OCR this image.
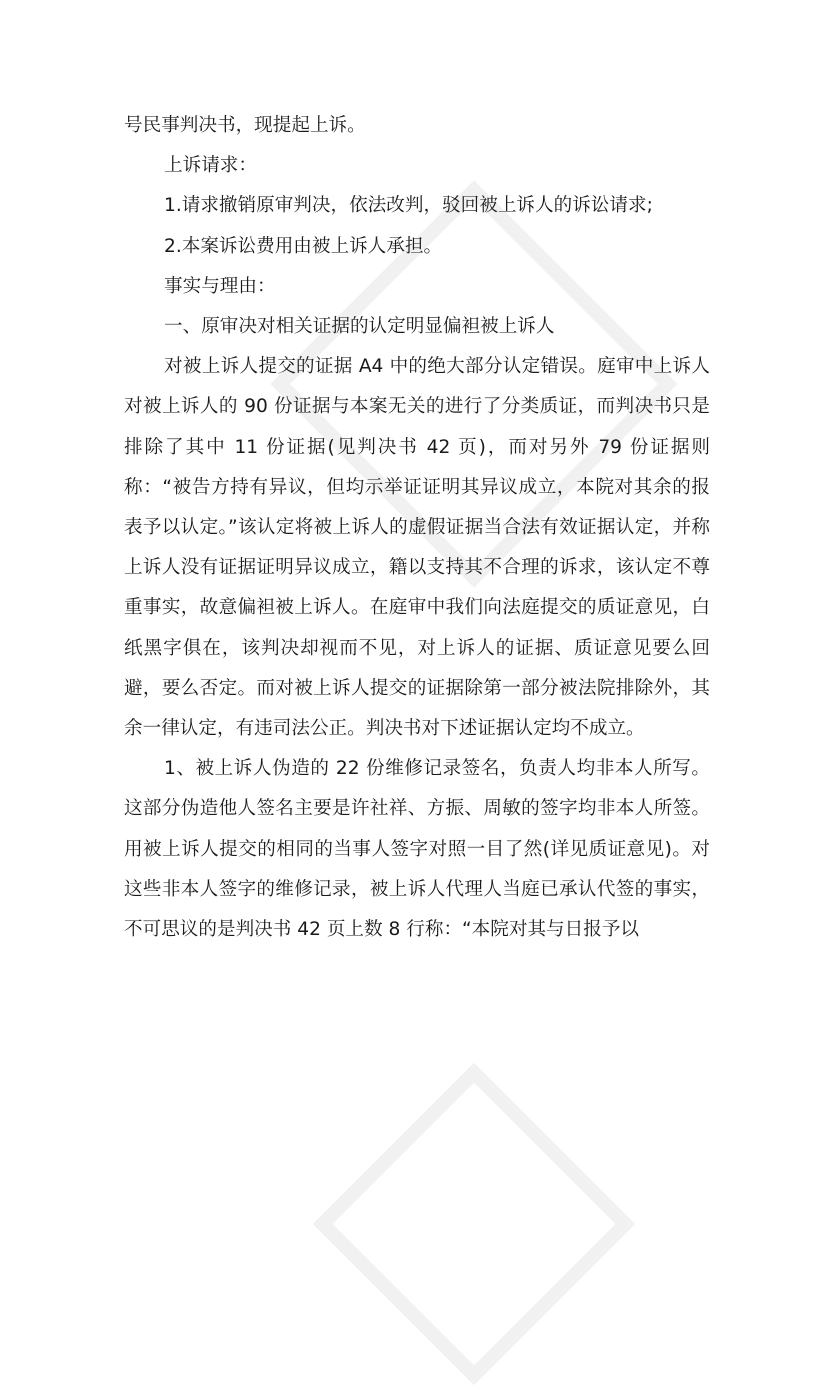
号民事判决书，现提起上诉。

上诉请求：

1.请求撤销原审判决，依法改判，驳回被上诉人的诉讼请求;

2.本案诉讼费用由被上诉人承担。

事实与理由：

一、原审决对相关证据的认定明显偏袒被上诉人

对被上诉人提交的证据 A4 中的绝大部分认定错误。庭审中上诉人对被上诉人的 90 份证据与本案无关的进行了分类质证，而判决书只是排除了其中 11 份证据(见判决书 42 页)，而对另外 79 份证据则称：“被告方持有异议，但均示举证证明其异议成立，本院对其余的报表予以认定。”该认定将被上诉人的虚假证据当合法有效证据认定，并称上诉人没有证据证明异议成立，籍以支持其不合理的诉求，该认定不尊重事实，故意偏袒被上诉人。在庭审中我们向法庭提交的质证意见，白纸黑字俱在，该判决却视而不见，对上诉人的证据、质证意见要么回避，要么否定。而对被上诉人提交的证据除第一部分被法院排除外，其余一律认定，有违司法公正。判决书对下述证据认定均不成立。

1、被上诉人伪造的 22 份维修记录签名，负责人均非本人所写。这部分伪造他人签名主要是许社祥、方振、周敏的签字均非本人所签。用被上诉人提交的相同的当事人签字对照一目了然(详见质证意见)。对这些非本人签字的维修记录，被上诉人代理人当庭已承认代签的事实，不可思议的是判决书 42 页上数 8 行称：“本院对其与日报予以
